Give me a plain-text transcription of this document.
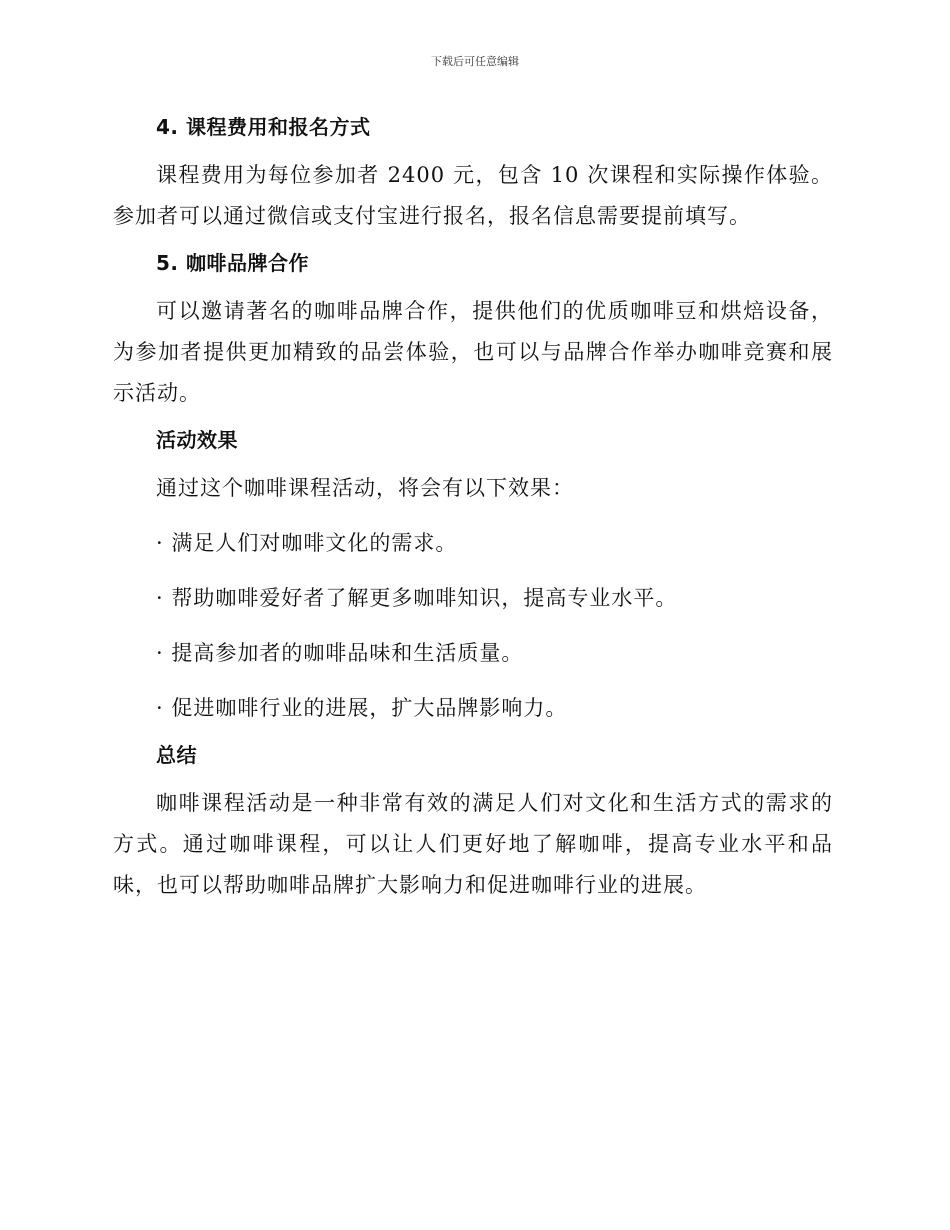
下载后可任意编辑
4. 课程费用和报名方式

课程费用为每位参加者 2400 元，包含 10 次课程和实际操作体验。参加者可以通过微信或支付宝进行报名，报名信息需要提前填写。

5. 咖啡品牌合作

可以邀请著名的咖啡品牌合作，提供他们的优质咖啡豆和烘焙设备，为参加者提供更加精致的品尝体验，也可以与品牌合作举办咖啡竞赛和展示活动。

活动效果

通过这个咖啡课程活动，将会有以下效果：

· 满足人们对咖啡文化的需求。

· 帮助咖啡爱好者了解更多咖啡知识，提高专业水平。

· 提高参加者的咖啡品味和生活质量。

· 促进咖啡行业的进展，扩大品牌影响力。

总结

咖啡课程活动是一种非常有效的满足人们对文化和生活方式的需求的方式。通过咖啡课程，可以让人们更好地了解咖啡，提高专业水平和品味，也可以帮助咖啡品牌扩大影响力和促进咖啡行业的进展。
